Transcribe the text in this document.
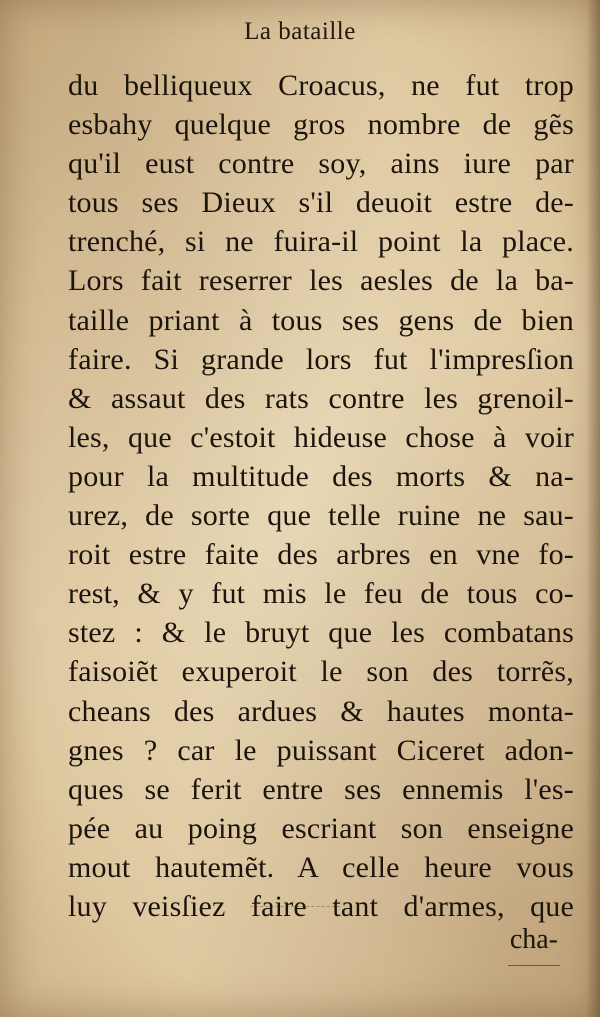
La bataille
du belliqueux Croacus, ne fut trop
esbahy quelque gros nombre de gẽs
qu'il eust contre soy, ains iure par
tous ses Dieux s'il deuoit estre de-
trenché, si ne fuira-il point la place.
Lors fait reserrer les aesles de la ba-
taille priant à tous ses gens de bien
faire. Si grande lors fut l'impresſion
& assaut des rats contre les grenoil-
les, que c'estoit hideuse chose à voir
pour la multitude des morts & na-
urez, de sorte que telle ruine ne sau-
roit estre faite des arbres en vne fo-
rest, & y fut mis le feu de tous co-
stez : & le bruyt que les combatans
faisoiẽt exuperoit le son des torrẽs,
cheans des ardues & hautes monta-
gnes ? car le puissant Ciceret adon-
ques se ferit entre ses ennemis l'es-
pée au poing escriant son enseigne
mout hautemẽt. A celle heure vous
luy veisſiez faire tant d'armes, que
cha-
